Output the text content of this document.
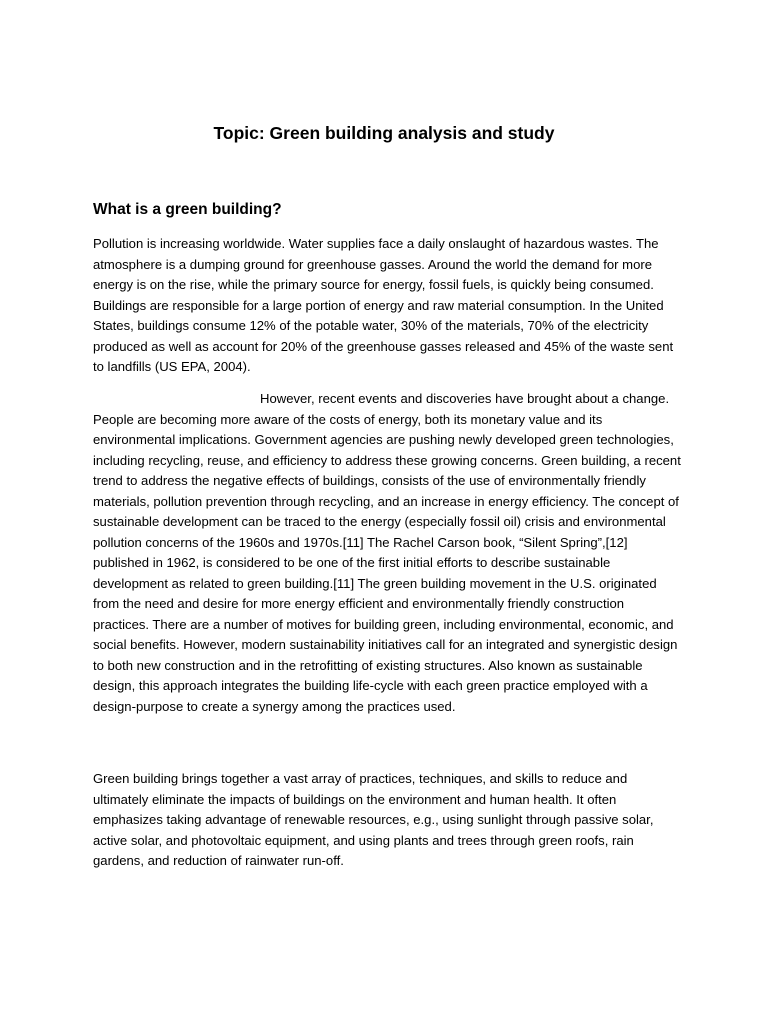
Topic: Green building analysis and study
What is a green building?

Pollution is increasing worldwide. Water supplies face a daily onslaught of hazardous wastes. The atmosphere is a dumping ground for greenhouse gasses. Around the world the demand for more energy is on the rise, while the primary source for energy, fossil fuels, is quickly being consumed. Buildings are responsible for a large portion of energy and raw material consumption. In the United States, buildings consume 12% of the potable water, 30% of the materials, 70% of the electricity produced as well as account for 20% of the greenhouse gasses released and 45% of the waste sent to landfills (US EPA, 2004).

However, recent events and discoveries have brought about a change. People are becoming more aware of the costs of energy, both its monetary value and its environmental implications. Government agencies are pushing newly developed green technologies, including recycling, reuse, and efficiency to address these growing concerns. Green building, a recent trend to address the negative effects of buildings, consists of the use of environmentally friendly materials, pollution prevention through recycling, and an increase in energy efficiency. The concept of sustainable development can be traced to the energy (especially fossil oil) crisis and environmental pollution concerns of the 1960s and 1970s.[11] The Rachel Carson book, “Silent Spring”,[12] published in 1962, is considered to be one of the first initial efforts to describe sustainable development as related to green building.[11] The green building movement in the U.S. originated from the need and desire for more energy efficient and environmentally friendly construction practices. There are a number of motives for building green, including environmental, economic, and social benefits. However, modern sustainability initiatives call for an integrated and synergistic design to both new construction and in the retrofitting of existing structures. Also known as sustainable design, this approach integrates the building life-cycle with each green practice employed with a design-purpose to create a synergy among the practices used.

Green building brings together a vast array of practices, techniques, and skills to reduce and ultimately eliminate the impacts of buildings on the environment and human health. It often emphasizes taking advantage of renewable resources, e.g., using sunlight through passive solar, active solar, and photovoltaic equipment, and using plants and trees through green roofs, rain gardens, and reduction of rainwater run-off.
